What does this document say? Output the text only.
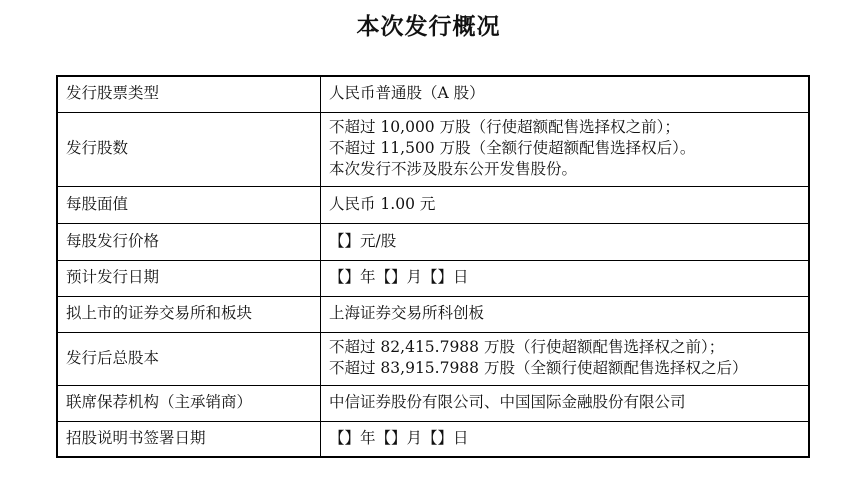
本次发行概况
发行股票类型	人民币普通股（A 股）

发行股数	不超过 10,000 万股（行使超额配售选择权之前）；
不超过 11,500 万股（全额行使超额配售选择权后）。
本次发行不涉及股东公开发售股份。

每股面值	人民币 1.00 元

每股发行价格	【】元/股

预计发行日期	【】年【】月【】日

拟上市的证券交易所和板块	上海证券交易所科创板

发行后总股本	不超过 82,415.7988 万股（行使超额配售选择权之前）；
不超过 83,915.7988 万股（全额行使超额配售选择权之后）

联席保荐机构（主承销商）	中信证券股份有限公司、中国国际金融股份有限公司

招股说明书签署日期	【】年【】月【】日
